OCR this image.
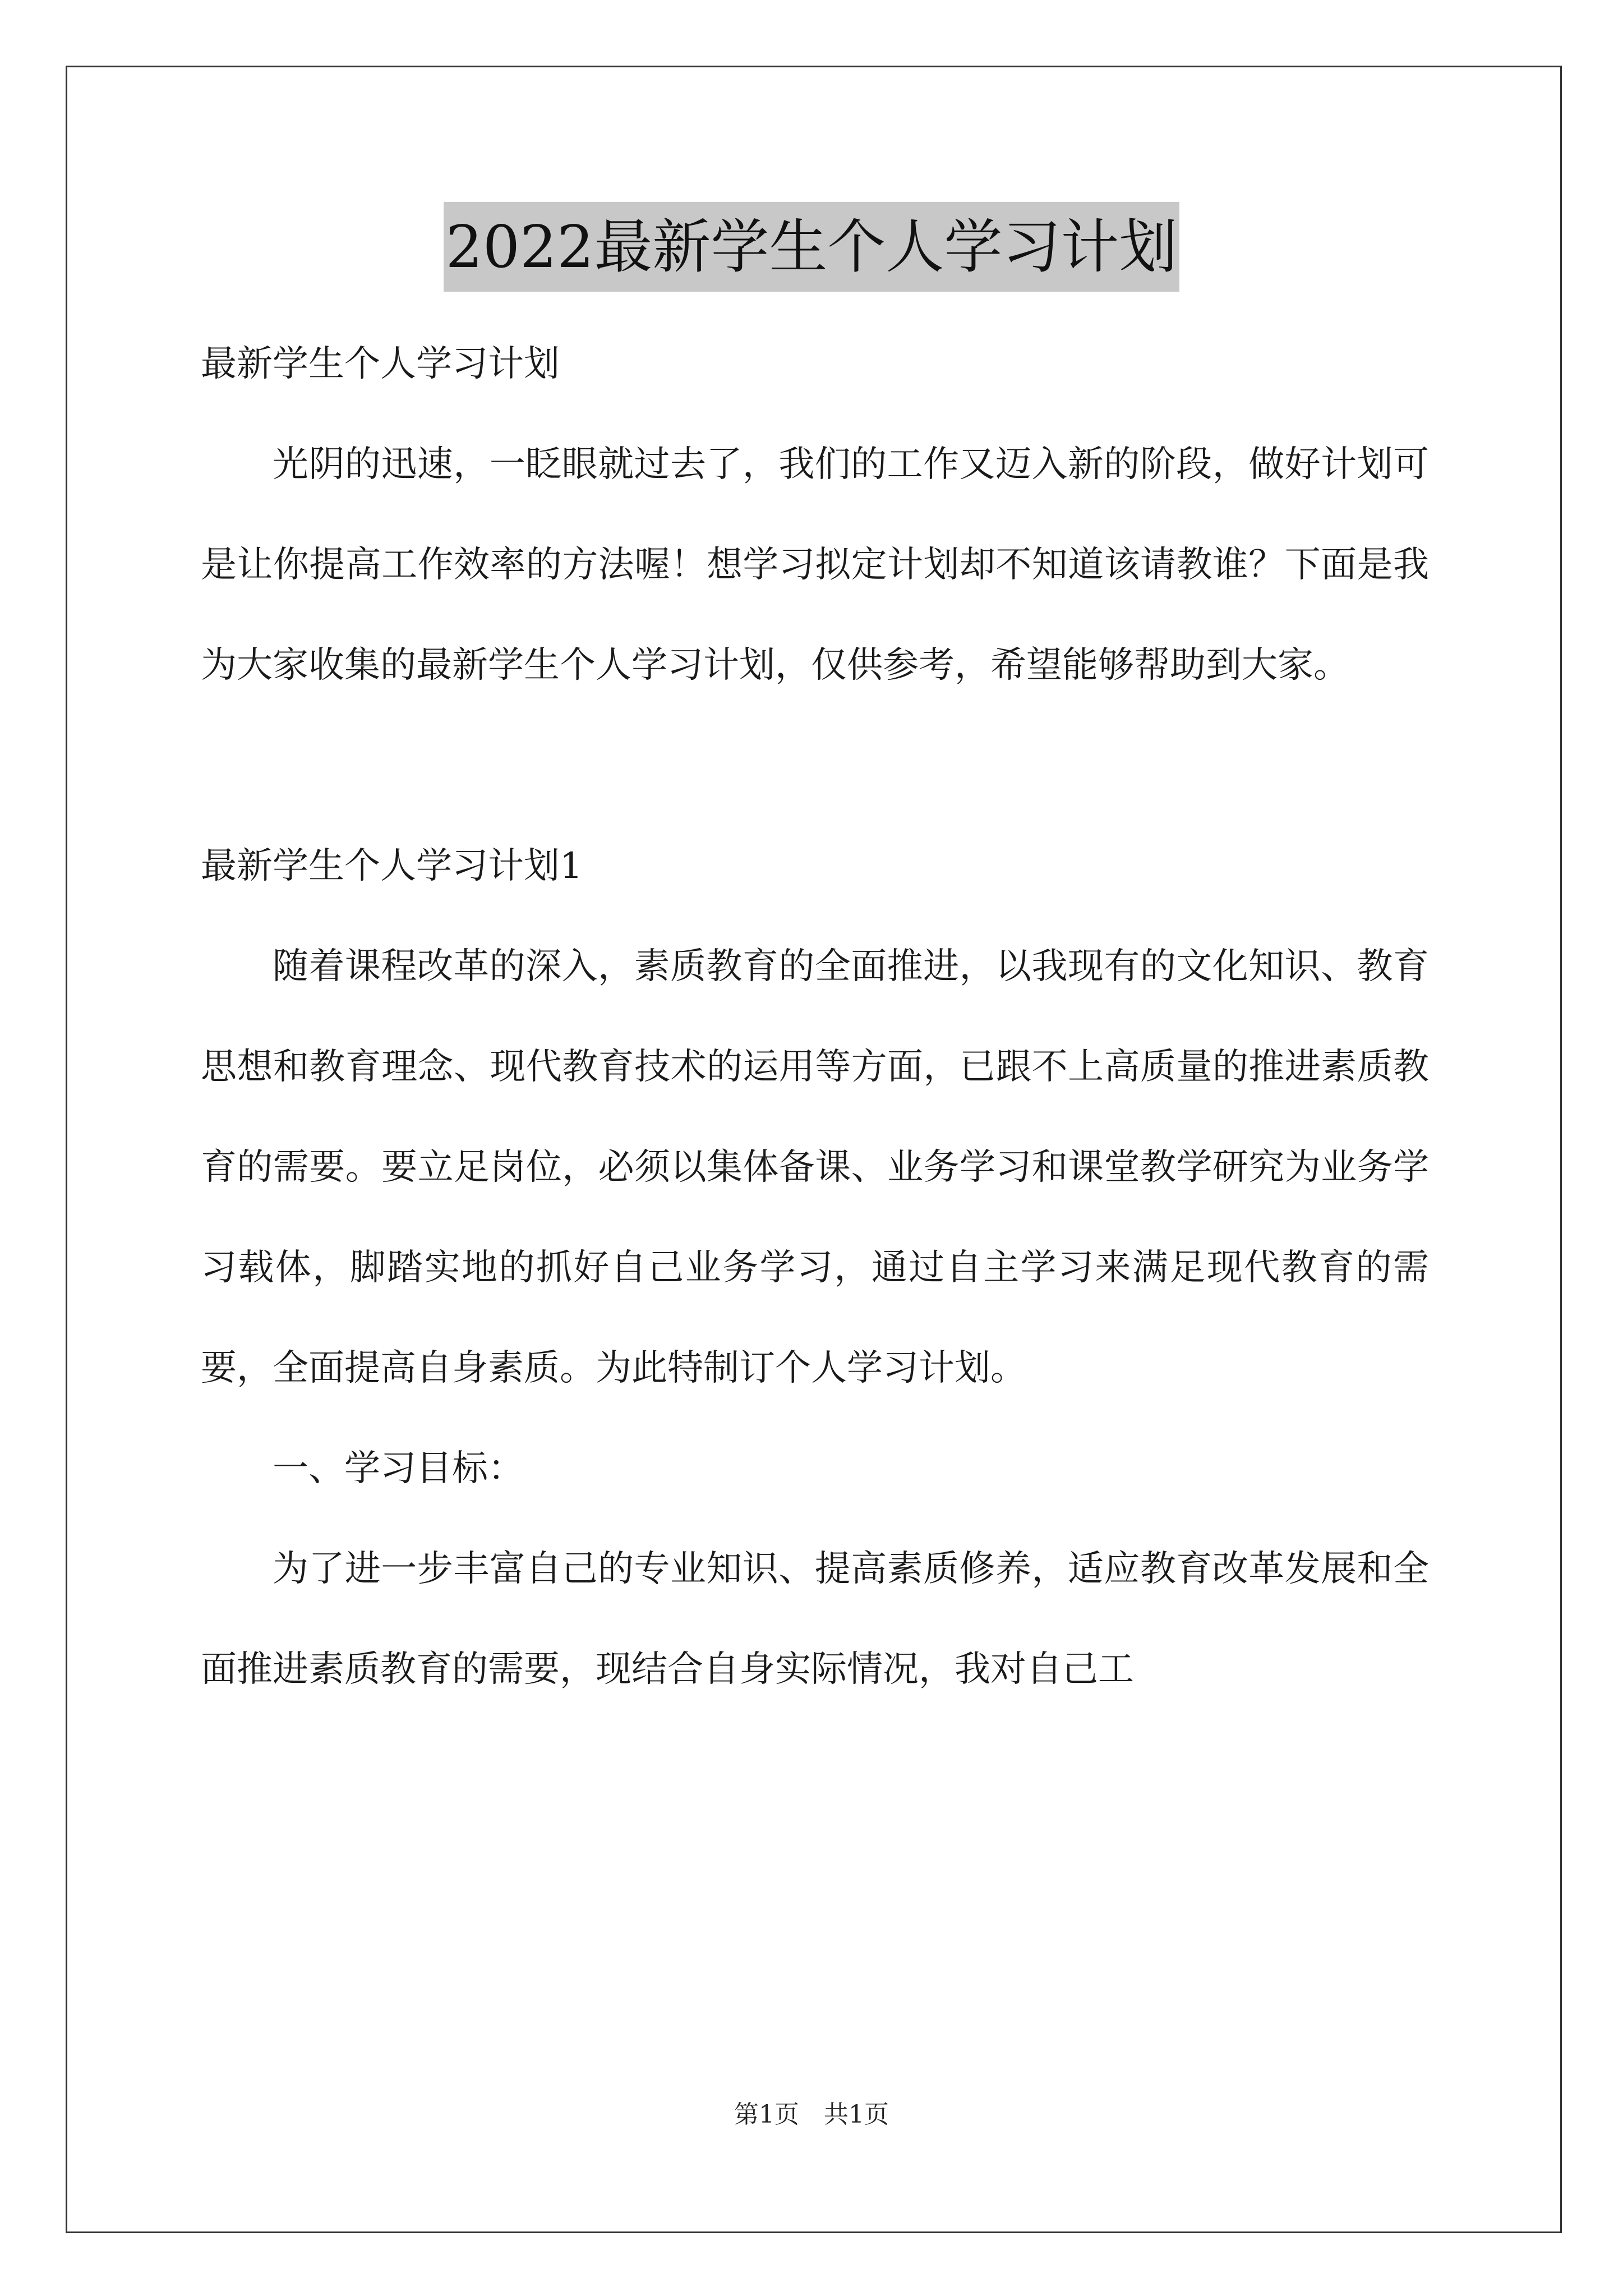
2022最新学生个人学习计划

最新学生个人学习计划

光阴的迅速，一眨眼就过去了，我们的工作又迈入新的阶段，做好计划可是让你提高工作效率的方法喔！想学习拟定计划却不知道该请教谁？下面是我为大家收集的最新学生个人学习计划，仅供参考，希望能够帮助到大家。

最新学生个人学习计划1

随着课程改革的深入，素质教育的全面推进，以我现有的文化知识、教育思想和教育理念、现代教育技术的运用等方面，已跟不上高质量的推进素质教育的需要。要立足岗位，必须以集体备课、业务学习和课堂教学研究为业务学习载体，脚踏实地的抓好自己业务学习，通过自主学习来满足现代教育的需要，全面提高自身素质。为此特制订个人学习计划。

一、学习目标：

为了进一步丰富自己的专业知识、提高素质修养，适应教育改革发展和全面推进素质教育的需要，现结合自身实际情况，我对自己工

第1页　共1页
